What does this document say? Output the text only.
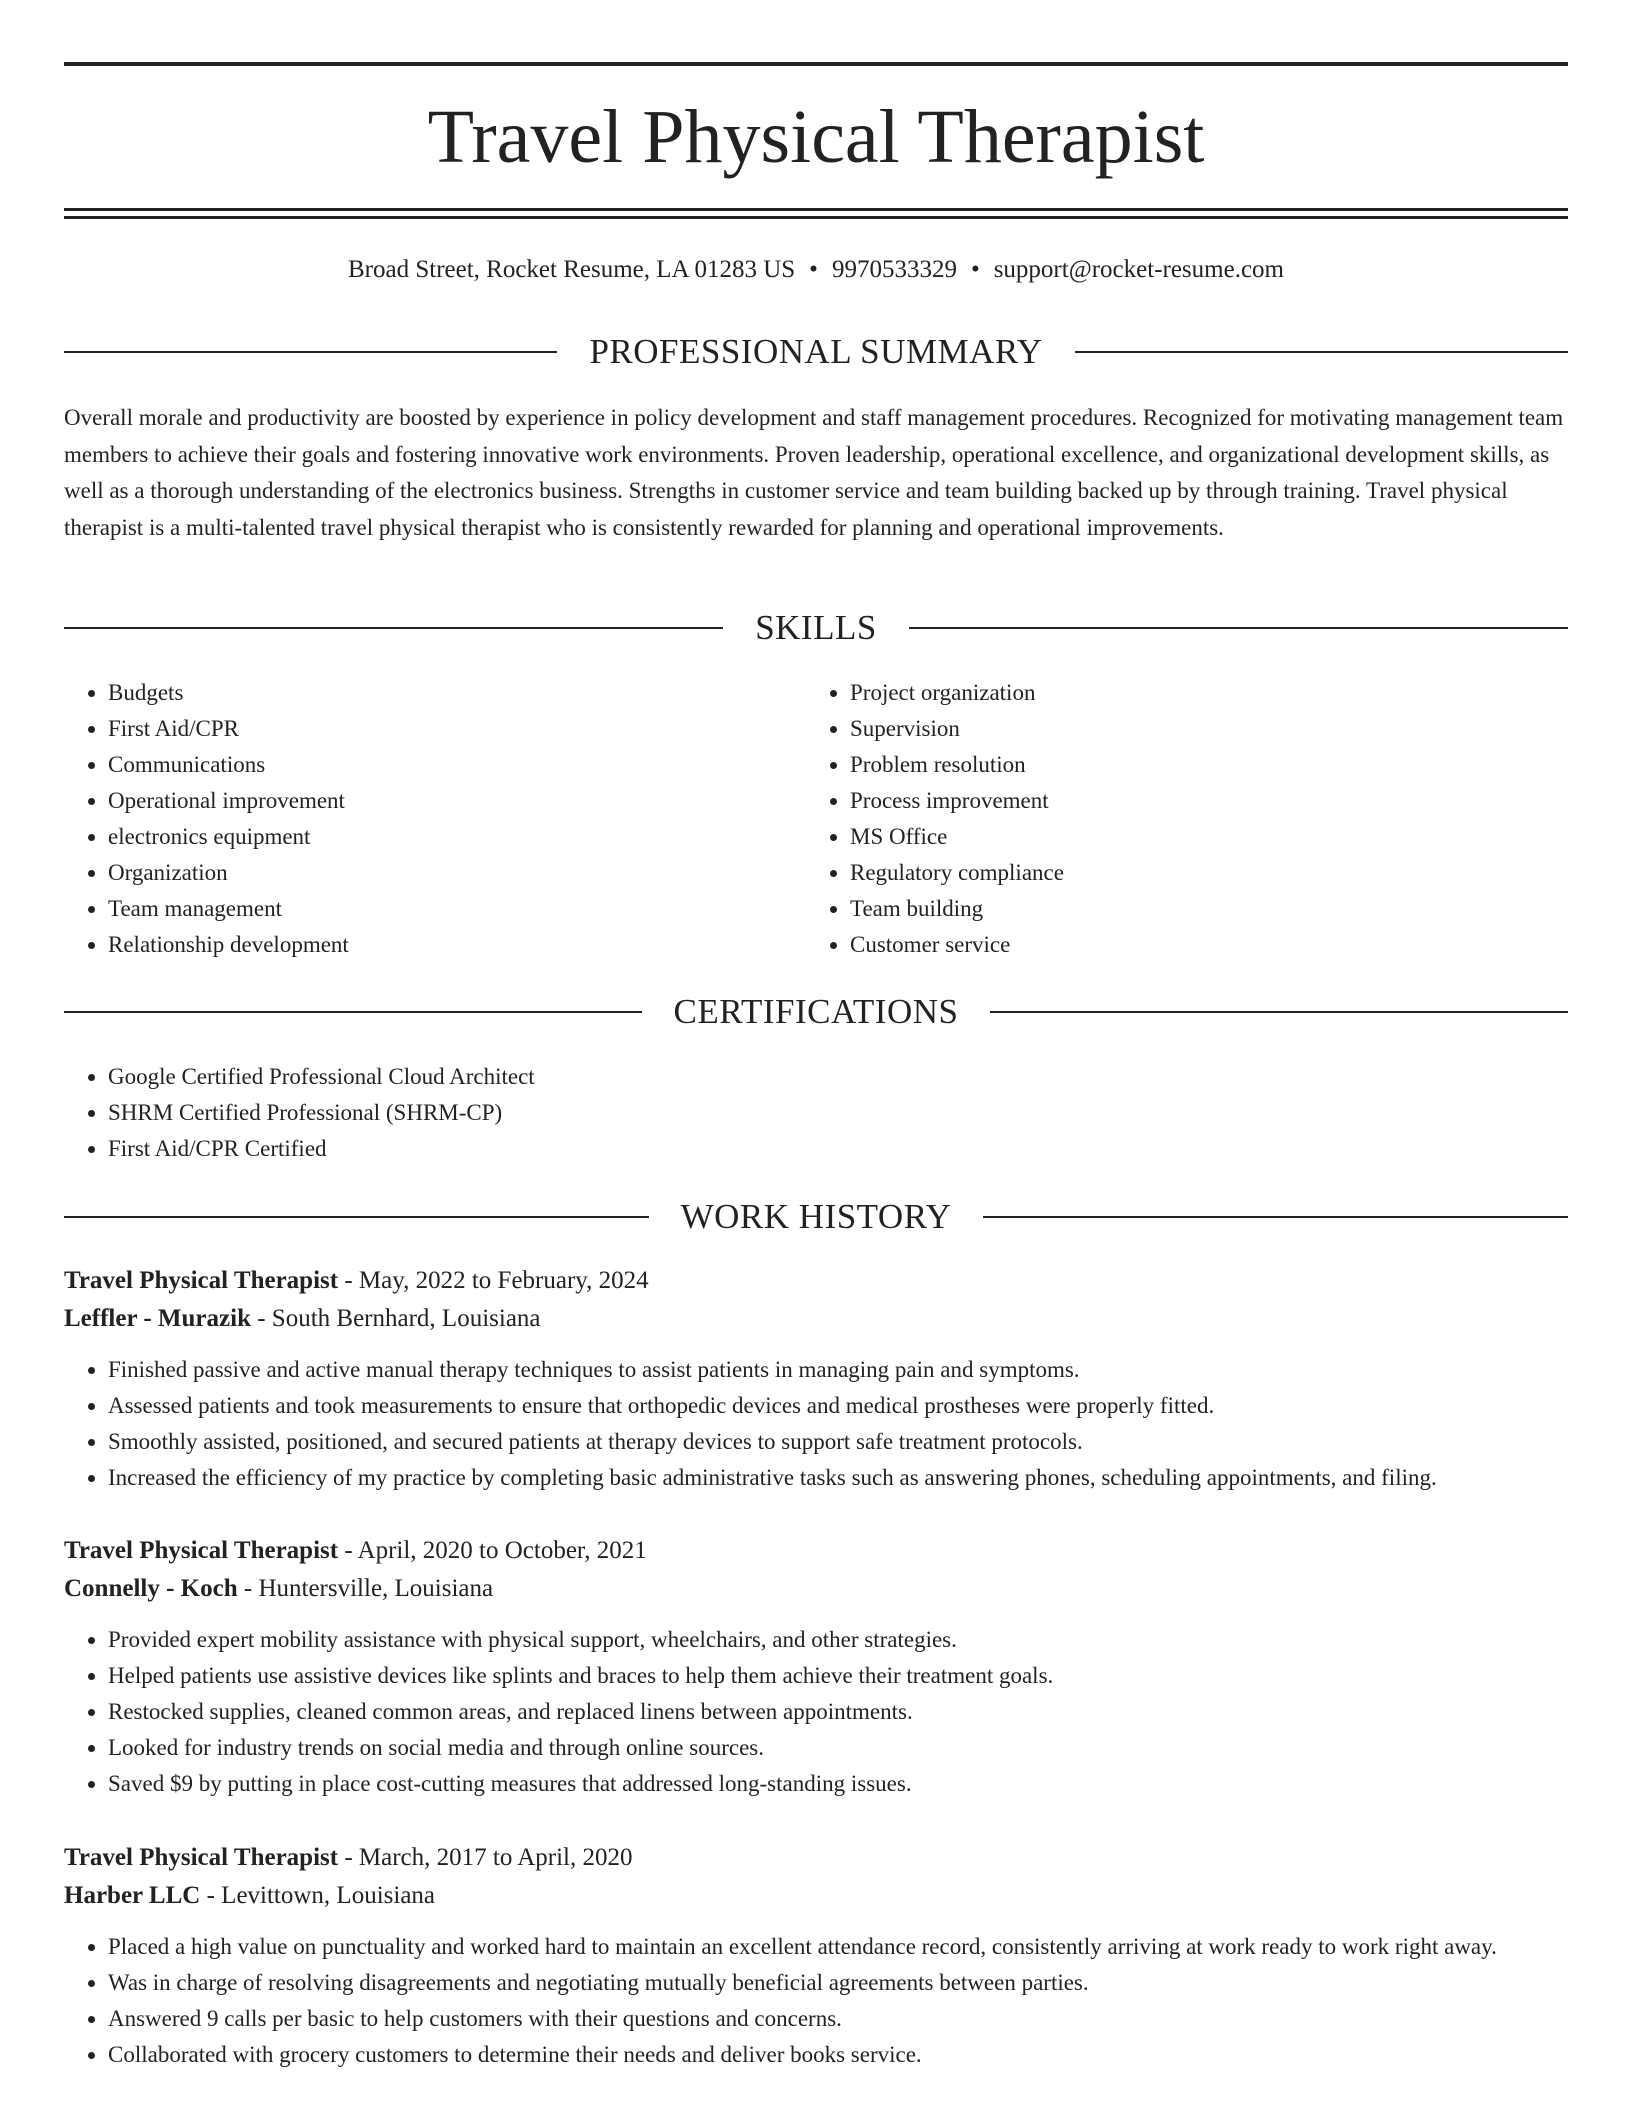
Travel Physical Therapist
Broad Street, Rocket Resume, LA 01283 US • 9970533329 • support@rocket-resume.com
PROFESSIONAL SUMMARY

Overall morale and productivity are boosted by experience in policy development and staff management procedures. Recognized for motivating management team members to achieve their goals and fostering innovative work environments. Proven leadership, operational excellence, and organizational development skills, as well as a thorough understanding of the electronics business. Strengths in customer service and team building backed up by through training. Travel physical therapist is a multi-talented travel physical therapist who is consistently rewarded for planning and operational improvements.

SKILLS
• Budgets
• First Aid/CPR
• Communications
• Operational improvement
• electronics equipment
• Organization
• Team management
• Relationship development
• Project organization
• Supervision
• Problem resolution
• Process improvement
• MS Office
• Regulatory compliance
• Team building
• Customer service
CERTIFICATIONS
• Google Certified Professional Cloud Architect
• SHRM Certified Professional (SHRM-CP)
• First Aid/CPR Certified
WORK HISTORY
Travel Physical Therapist - May, 2022 to February, 2024
Leffler - Murazik - South Bernhard, Louisiana
• Finished passive and active manual therapy techniques to assist patients in managing pain and symptoms.
• Assessed patients and took measurements to ensure that orthopedic devices and medical prostheses were properly fitted.
• Smoothly assisted, positioned, and secured patients at therapy devices to support safe treatment protocols.
• Increased the efficiency of my practice by completing basic administrative tasks such as answering phones, scheduling appointments, and filing.
Travel Physical Therapist - April, 2020 to October, 2021
Connelly - Koch - Huntersville, Louisiana
• Provided expert mobility assistance with physical support, wheelchairs, and other strategies.
• Helped patients use assistive devices like splints and braces to help them achieve their treatment goals.
• Restocked supplies, cleaned common areas, and replaced linens between appointments.
• Looked for industry trends on social media and through online sources.
• Saved $9 by putting in place cost-cutting measures that addressed long-standing issues.
Travel Physical Therapist - March, 2017 to April, 2020
Harber LLC - Levittown, Louisiana
• Placed a high value on punctuality and worked hard to maintain an excellent attendance record, consistently arriving at work ready to work right away.
• Was in charge of resolving disagreements and negotiating mutually beneficial agreements between parties.
• Answered 9 calls per basic to help customers with their questions and concerns.
• Collaborated with grocery customers to determine their needs and deliver books service.
